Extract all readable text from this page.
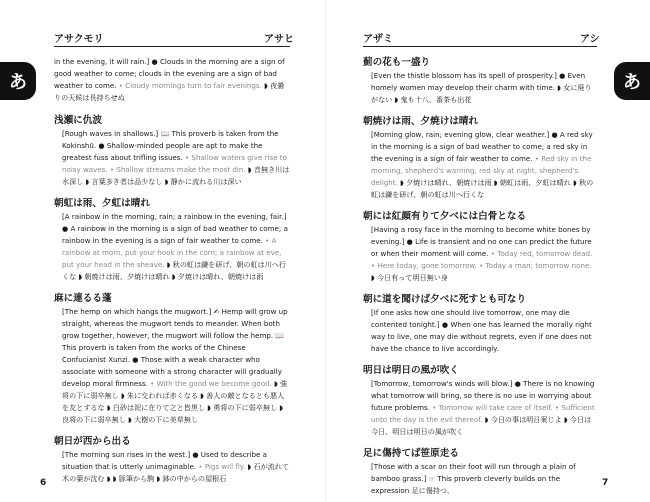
アサクモリ	アサヒ
あ
in the evening, it will rain.] ● Clouds in the morning are a sign of good weather to come; clouds in the evening are a sign of bad weather to come. • Cloudy mornings turn to fair evenings. ◗ 夜曇りの天候は長持ちせぬ
浅瀬に仇波
[Rough waves in shallows.] 📖 This proverb is taken from the Kokinshū. ● Shallow-minded people are apt to make the greatest fuss about trifling issues. • Shallow waters give rise to noisy waves. • Shallow streams make the most din. ◗ 音無き川は水深し ◗ 言葉多き者は品少なし ◗ 静かに流れる川は深い
朝虹は雨、夕虹は晴れ
[A rainbow in the morning, rain; a rainbow in the evening, fair.] ● A rainbow in the morning is a sign of bad weather to come; a rainbow in the evening is a sign of fair weather to come. • A rainbow at morn, put your hook in the corn; a rainbow at eve, put your head in the sheave. ◗ 秋の虹は鎌を研げ、朝の虹は川へ行くな ◗ 朝焼けは雨、夕焼けは晴れ ◗ 夕焼けは晴れ、朝焼けは雨
麻に連るる蓬
[The hemp on which hangs the mugwort.] ✍ Hemp will grow up straight, whereas the mugwort tends to meander. When both grow together, however, the mugwort will follow the hemp. 📖 This proverb is taken from the works of the Chinese Confucianist Xunzi. ● Those with a weak character who associate with someone with a strong character will gradually develop moral firmness. • With the good we become good. ◗ 強将の下に弱卒無し ◗ 朱に交われば赤くなる ◗ 善人の敵となるとも悪人を友とするな ◗ 白砂は泥に在りて之と皆黒し ◗ 勇将の下に弱卒無し ◗ 良将の下に弱卒無し ◗ 大樹の下に美草無し
朝日が西から出る
[The morning sun rises in the west.] ● Used to describe a situation that is utterly unimaginable. • Pigs will fly. ◗ 石が流れて木の葉が沈む ◗ ◗ 豚筆から駒 ◗ 鉢の中からの屋根石
6
アザミ	アシ
あ
薊の花も一盛り
[Even the thistle blossom has its spell of prosperity.] ● Even homely women may develop their charm with time. ◗ 女に廃りがない ◗ 鬼も十八、番茶も出花
朝焼けは雨、夕焼けは晴れ
[Morning glow, rain; evening glow, clear weather.] ● A red sky in the morning is a sign of bad weather to come; a red sky in the evening is a sign of fair weather to come. • Red sky in the morning, shepherd's warning; red sky at night, shepherd's delight. ◗ 夕焼けは晴れ、朝焼けは雨 ◗ 朝虹は雨、夕虹は晴れ ◗ 秋の虹は鎌を研げ、朝の虹は川へ行くな
朝には紅顔有りて夕べには白骨となる
[Having a rosy face in the morning to become white bones by evening.] ● Life is transient and no one can predict the future or when their moment will come. • Today red, tomorrow dead. • Here today, gone tomorrow. • Today a man; tomorrow none. ◗ 今日有って明日無い身
朝に道を聞けば夕べに死すとも可なり
[If one asks how one should live tomorrow, one may die contented tonight.] ● When one has learned the morally right way to live, one may die without regrets, even if one does not have the chance to live accordingly.
明日は明日の風が吹く
[Tomorrow, tomorrow's winds will blow.] ● There is no knowing what tomorrow will bring, so there is no use in worrying about future problems. • Tomorrow will take care of itself. • Sufficient unto the day is the evil thereof. ◗ 今日の事は明日案じよ ◗ 今日は今日、明日は明日の風が吹く
足に傷持てば笹原走る
[Those with a scar on their foot will run through a plain of bamboo grass.] ☞ This proverb cleverly builds on the expression 足に傷持つ、
7
